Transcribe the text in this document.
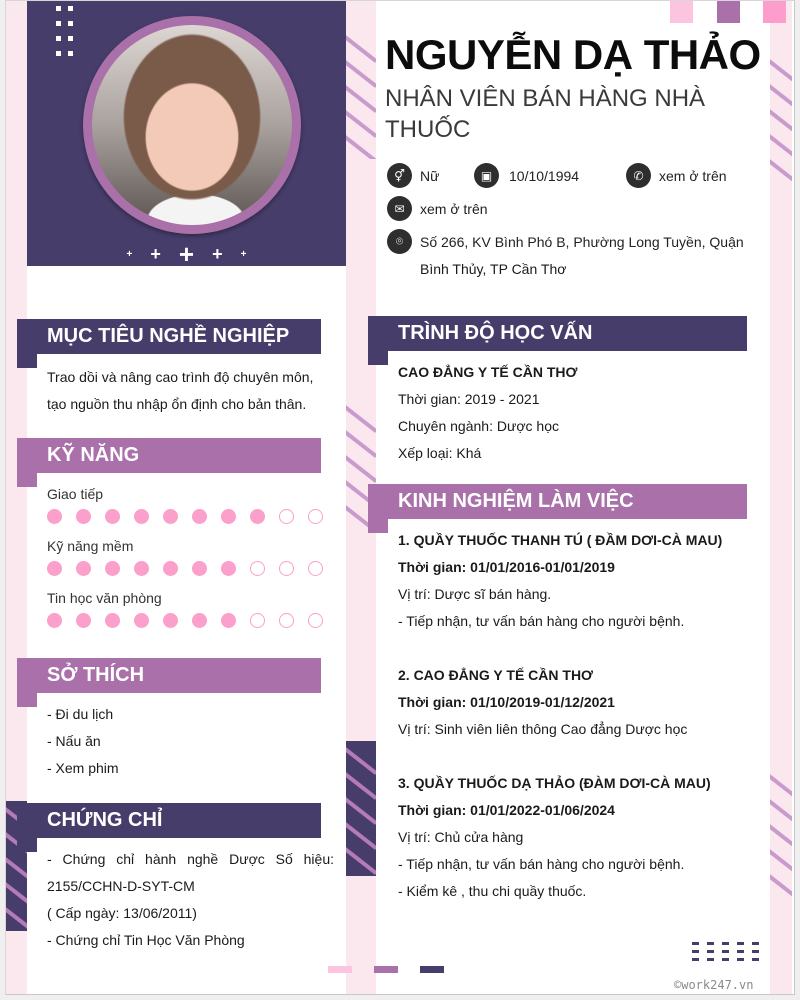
+ + + + +
NGUYỄN DẠ THẢO
NHÂN VIÊN BÁN HÀNG NHÀ THUỐC
⚥	Nữ	▣	10/10/1994	✆	xem ở trên
✉	xem ở trên
⌾	Số 266, KV Bình Phó B, Phường Long Tuyền, Quận
Bình Thủy, TP Cần Thơ
MỤC TIÊU NGHỀ NGHIỆP
Trao dồi và nâng cao trình độ chuyên môn,
tạo nguồn thu nhập ổn định cho bản thân.
KỸ NĂNG
Giao tiếp
Kỹ năng mềm
Tin học văn phòng
SỞ THÍCH
- Đi du lịch
- Nấu ăn
- Xem phim
CHỨNG CHỈ
- Chứng chỉ hành nghề Dược Số hiệu:
2155/CCHN-D-SYT-CM
( Cấp ngày: 13/06/2011)
- Chứng chỉ Tin Học Văn Phòng
TRÌNH ĐỘ HỌC VẤN
CAO ĐẲNG Y TẾ CẦN THƠ
Thời gian: 2019 - 2021
Chuyên ngành: Dược học
Xếp loại: Khá
KINH NGHIỆM LÀM VIỆC
1. QUẦY THUỐC THANH TÚ ( ĐẦM DƠI-CÀ MAU)
Thời gian: 01/01/2016-01/01/2019
Vị trí: Dược sĩ bán hàng.
- Tiếp nhận, tư vấn bán hàng cho người bệnh.
2. CAO ĐẲNG Y TẾ CẦN THƠ
Thời gian: 01/10/2019-01/12/2021
Vị trí: Sinh viên liên thông Cao đẳng Dược học
3. QUẦY THUỐC DẠ THẢO (ĐÀM DƠI-CÀ MAU)
Thời gian: 01/01/2022-01/06/2024
Vị trí: Chủ cửa hàng
- Tiếp nhận, tư vấn bán hàng cho người bệnh.
- Kiểm kê , thu chi quầy thuốc.
©work247.vn
